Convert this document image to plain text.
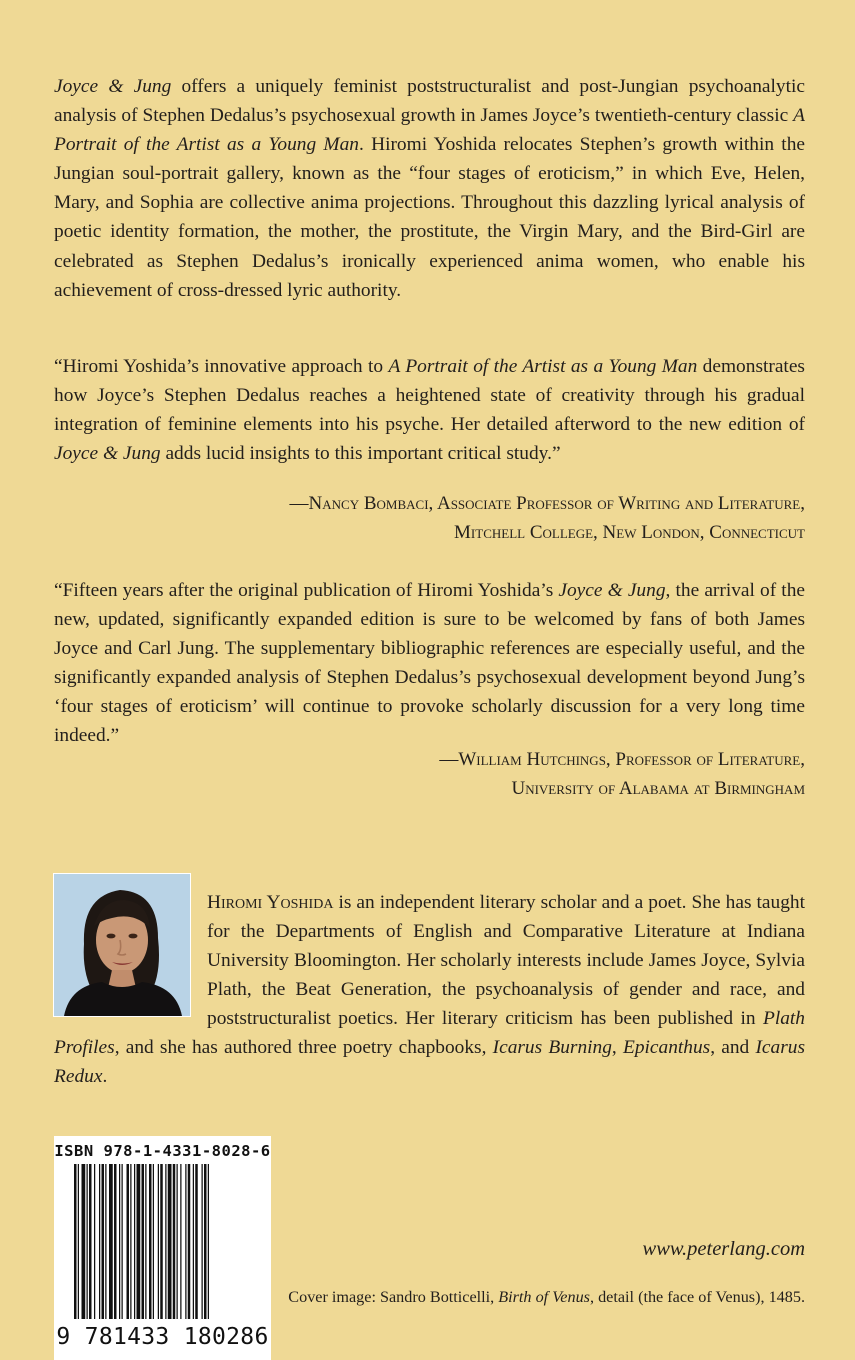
Joyce & Jung offers a uniquely feminist poststructuralist and post-Jungian psychoanalytic analysis of Stephen Dedalus’s psychosexual growth in James Joyce’s twentieth-century classic A Portrait of the Artist as a Young Man. Hiromi Yoshida relocates Stephen’s growth within the Jungian soul-portrait gallery, known as the “four stages of eroticism,” in which Eve, Helen, Mary, and Sophia are collective anima projections. Throughout this dazzling lyrical analysis of poetic identity formation, the mother, the prostitute, the Virgin Mary, and the Bird-Girl are celebrated as Stephen Dedalus’s ironically experienced anima women, who enable his achievement of cross-dressed lyric authority.

“Hiromi Yoshida’s innovative approach to A Portrait of the Artist as a Young Man demonstrates how Joyce’s Stephen Dedalus reaches a heightened state of creativity through his gradual integration of feminine elements into his psyche. Her detailed afterword to the new edition of Joyce & Jung adds lucid insights to this important critical study.”

—Nancy Bombaci, Associate Professor of Writing and Literature,
Mitchell College, New London, Connecticut

“Fifteen years after the original publication of Hiromi Yoshida’s Joyce & Jung, the arrival of the new, updated, significantly expanded edition is sure to be welcomed by fans of both James Joyce and Carl Jung. The supplementary bibliographic references are especially useful, and the significantly expanded analysis of Stephen Dedalus’s psychosexual development beyond Jung’s ‘four stages of eroticism’ will continue to provoke scholarly discussion for a very long time indeed.”

—William Hutchings, Professor of Literature,
University of Alabama at Birmingham
Hiromi Yoshida is an independent literary scholar and a poet. She has taught for the Departments of English and Comparative Literature at Indiana University Bloomington. Her scholarly interests include James Joyce, Sylvia Plath, the Beat Generation, the psychoanalysis of gender and race, and poststructuralist poetics. Her literary criticism has been published in Plath Profiles, and she has authored three poetry chapbooks, Icarus Burning, Epicanthus, and Icarus Redux.
ISBN 978-1-4331-8028-6
9 781433 180286
www.peterlang.com
Cover image: Sandro Botticelli, Birth of Venus, detail (the face of Venus), 1485.
